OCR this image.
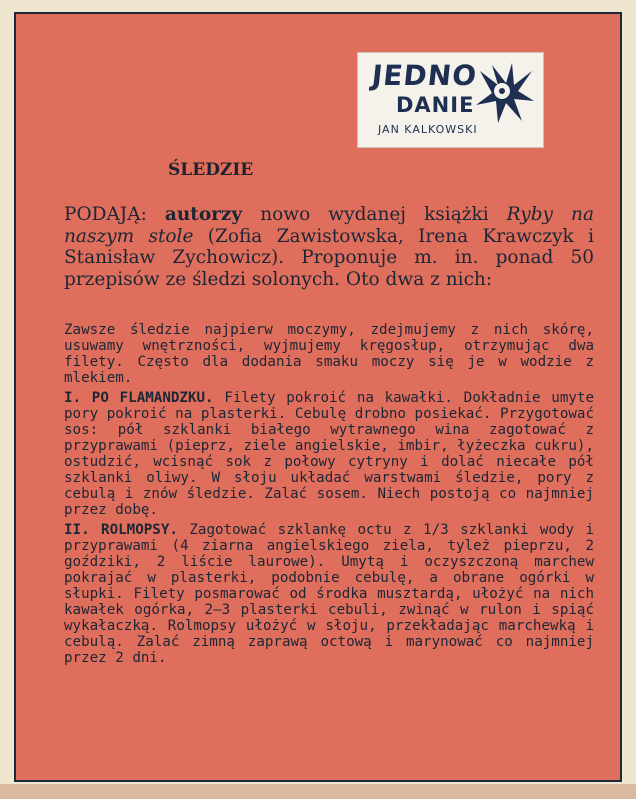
JEDNO
DANIE
JAN KALKOWSKI
ŚLEDZIE

PODAJĄ: autorzy nowo wydanej książki Ryby na naszym stole (Zofia Zawistowska, Irena Krawczyk i Stanisław Zychowicz). Proponuje m. in. ponad 50 przepisów ze śledzi solonych. Oto dwa z nich:

Zawsze śledzie najpierw moczymy, zdejmujemy z nich skórę, usuwamy wnętrzności, wyjmujemy kręgosłup, otrzymując dwa filety. Często dla dodania smaku moczy się je w wodzie z mlekiem.

I. PO FLAMANDZKU. Filety pokroić na kawałki. Dokładnie umyte pory pokroić na plasterki. Cebulę drobno posiekać. Przygotować sos: pół szklanki białego wytrawnego wina zagotować z przyprawami (pieprz, ziele angielskie, imbir, łyżeczka cukru), ostudzić, wcisnąć sok z połowy cytryny i dolać niecałe pół szklanki oliwy. W słoju układać warstwami śledzie, pory z cebulą i znów śledzie. Zalać sosem. Niech postoją co najmniej przez dobę.

II. ROLMOPSY. Zagotować szklankę octu z 1/3 szklanki wody i przyprawami (4 ziarna angielskiego ziela, tyleż pieprzu, 2 goździki, 2 liście laurowe). Umytą i oczyszczoną marchew pokrajać w plasterki, podobnie cebulę, a obrane ogórki w słupki. Filety posmarować od środka musztardą, ułożyć na nich kawałek ogórka, 2—3 plasterki cebuli, zwinąć w rulon i spiąć wykałaczką. Rolmopsy ułożyć w słoju, przekładając marchewką i cebulą. Zalać zimną zaprawą octową i marynować co najmniej przez 2 dni.
